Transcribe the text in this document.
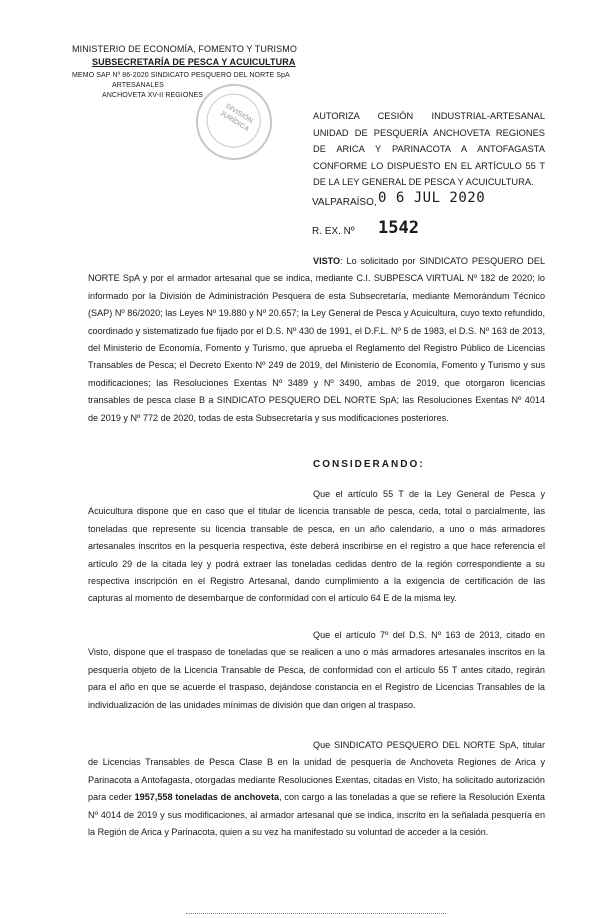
MINISTERIO DE ECONOMÍA, FOMENTO Y TURISMO
SUBSECRETARÍA DE PESCA Y ACUICULTURA
MEMO SAP Nº 86-2020 SINDICATO PESQUERO DEL NORTE SpA
ARTESANALES
ANCHOVETA XV-II REGIONES
DIVISIÓN JURÍDICA	AUTORIZA CESIÓN INDUSTRIAL-ARTESANAL UNIDAD DE PESQUERÍA ANCHOVETA REGIONES DE ARICA Y PARINACOTA A ANTOFAGASTA CONFORME LO DISPUESTO EN EL ARTÍCULO 55 T DE LA LEY GENERAL DE PESCA Y ACUICULTURA.
VALPARAÍSO, 0 6 JUL 2020
R. EX. Nº 1542
VISTO: Lo solicitado por SINDICATO PESQUERO DEL NORTE SpA y por el armador artesanal que se indica, mediante C.I. SUBPESCA VIRTUAL Nº 182 de 2020; lo informado por la División de Administración Pesquera de esta Subsecretaría, mediante Memorándum Técnico (SAP) Nº 86/2020; las Leyes Nº 19.880 y Nº 20.657; la Ley General de Pesca y Acuicultura, cuyo texto refundido, coordinado y sistematizado fue fijado por el D.S. Nº 430 de 1991, el D.F.L. Nº 5 de 1983, el D.S. Nº 163 de 2013, del Ministerio de Economía, Fomento y Turismo, que aprueba el Reglamento del Registro Público de Licencias Transables de Pesca; el Decreto Exento Nº 249 de 2019, del Ministerio de Economía, Fomento y Turismo y sus modificaciones; las Resoluciones Exentas Nº 3489 y Nº 3490, ambas de 2019, que otorgaron licencias transables de pesca clase B a SINDICATO PESQUERO DEL NORTE SpA; las Resoluciones Exentas Nº 4014 de 2019 y Nº 772 de 2020, todas de esta Subsecretaría y sus modificaciones posteriores.
CONSIDERANDO:
Que el artículo 55 T de la Ley General de Pesca y Acuicultura dispone que en caso que el titular de licencia transable de pesca, ceda, total o parcialmente, las toneladas que represente su licencia transable de pesca, en un año calendario, a uno o más armadores artesanales inscritos en la pesquería respectiva, éste deberá inscribirse en el registro a que hace referencia el artículo 29 de la citada ley y podrá extraer las toneladas cedidas dentro de la región correspondiente a su respectiva inscripción en el Registro Artesanal, dando cumplimiento a la exigencia de certificación de las capturas al momento de desembarque de conformidad con el artículo 64 E de la misma ley.
Que el artículo 7º del D.S. Nº 163 de 2013, citado en Visto, dispone que el traspaso de toneladas que se realicen a uno o más armadores artesanales inscritos en la pesquería objeto de la Licencia Transable de Pesca, de conformidad con el artículo 55 T antes citado, regirán para el año en que se acuerde el traspaso, dejándose constancia en el Registro de Licencias Transables de la individualización de las unidades mínimas de división que dan origen al traspaso.
Que SINDICATO PESQUERO DEL NORTE SpA, titular de Licencias Transables de Pesca Clase B en la unidad de pesquería de Anchoveta Regiones de Arica y Parinacota a Antofagasta, otorgadas mediante Resoluciones Exentas, citadas en Visto, ha solicitado autorización para ceder 1957,558 toneladas de anchoveta, con cargo a las toneladas a que se refiere la Resolución Exenta Nº 4014 de 2019 y sus modificaciones, al armador artesanal que se indica, inscrito en la señalada pesquería en la Región de Arica y Parinacota, quien a su vez ha manifestado su voluntad de acceder a la cesión.
